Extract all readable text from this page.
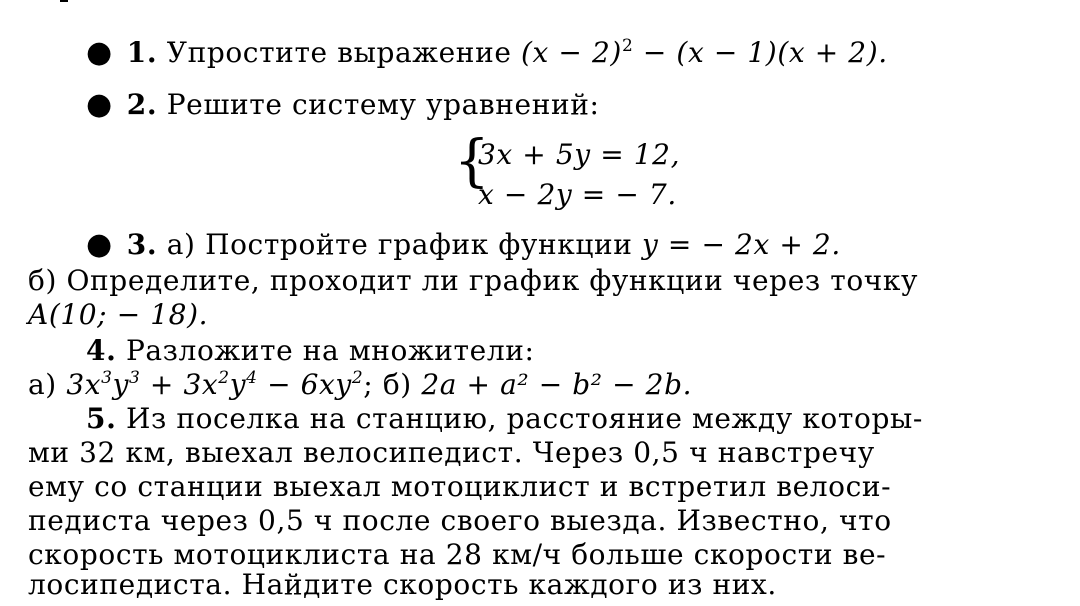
● 1. Упростите выражение $(x - 2)^2 - (x - 1)(x + 2)$.
● 2. Решите систему уравнений:
{
3x + 5y = 12,
x − 2y = − 7.
● 3. а) Постройте график функции y = − 2x + 2.
б) Определите, проходит ли график функции через точку
A(10; − 18).
4. Разложите на множители:
а) $3x^3y^3 + 3x^2y^4 - 6xy^2$; б) 2a + a² − b² − 2b.
5. Из поселка на станцию, расстояние между которы-
ми 32 км, выехал велосипедист. Через 0,5 ч навстречу
ему со станции выехал мотоциклист и встретил велоси-
педиста через 0,5 ч после своего выезда. Известно, что
скорость мотоциклиста на 28 км/ч больше скорости ве-
лосипедиста. Найдите скорость каждого из них.
